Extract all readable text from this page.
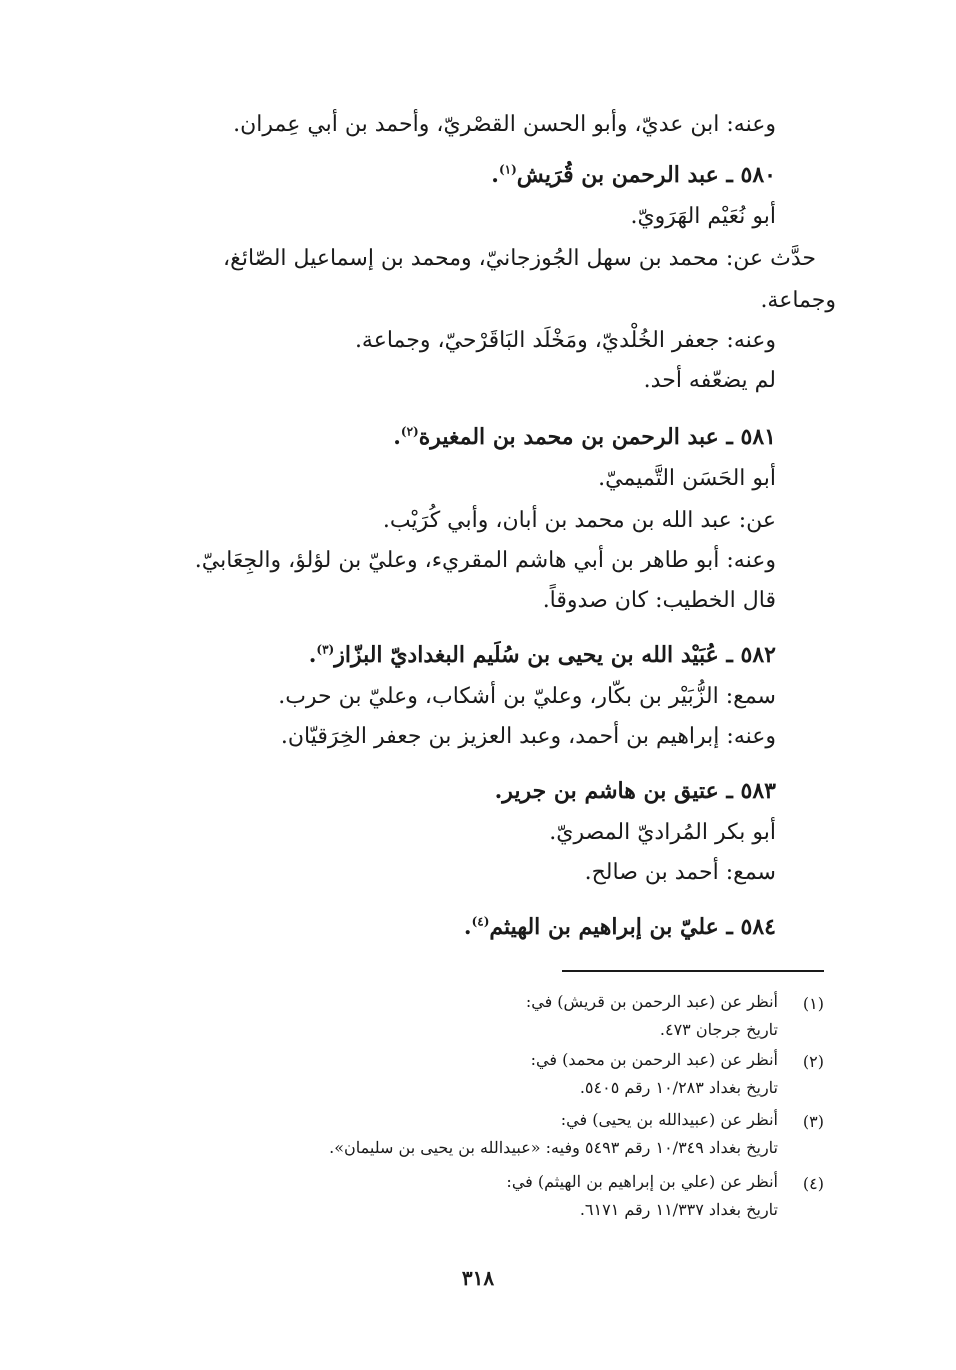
وعنه: ابن عديّ، وأبو الحسن القصْريّ، وأحمد بن أبي عِمران.
٥٨٠ ـ عبد الرحمن بن قُرَيش$^{(١)}$.
أبو نُعَيْم الهَرَويّ.
حدَّث عن: محمد بن سهل الجُوزجانيّ، ومحمد بن إسماعيل الصّائغ،
وجماعة.
وعنه: جعفر الخُلْديّ، ومَخْلَد البَاقَرْحيّ، وجماعة.
لم يضعّفه أحد.
٥٨١ ـ عبد الرحمن بن محمد بن المغيرة$^{(٢)}$.
أبو الحَسَن التَّميميّ.
عن: عبد الله بن محمد بن أبان، وأبي كُرَيْب.
وعنه: أبو طاهر بن أبي هاشم المقريء، وعليّ بن لؤلؤ، والجِعَابيّ.
قال الخطيب: كان صدوقاً.
٥٨٢ ـ عُبَيْد الله بن يحيى بن سُلَيم البغداديّ البزّاز$^{(٣)}$.
سمع: الزُّبَيْر بن بكّار، وعليّ بن أشكاب، وعليّ بن حرب.
وعنه: إبراهيم بن أحمد، وعبد العزيز بن جعفر الخِرَقيّان.
٥٨٣ ـ عتيق بن هاشم بن جرير.
أبو بكر المُراديّ المصريّ.
سمع: أحمد بن صالح.
٥٨٤ ـ عليّ بن إبراهيم بن الهيثم$^{(٤)}$.
(١)
أنظر عن (عبد الرحمن بن قريش) في:
تاريخ جرجان ٤٧٣.
(٢)
أنظر عن (عبد الرحمن بن محمد) في:
تاريخ بغداد ١٠/٢٨٣ رقم ٥٤٠٥.
(٣)
أنظر عن (عبيدالله بن يحيى) في:
تاريخ بغداد ١٠/٣٤٩ رقم ٥٤٩٣ وفيه: «عبيدالله بن يحيى بن سليمان».
(٤)
أنظر عن (علي بن إبراهيم بن الهيثم) في:
تاريخ بغداد ١١/٣٣٧ رقم ٦١٧١.
٣١٨
